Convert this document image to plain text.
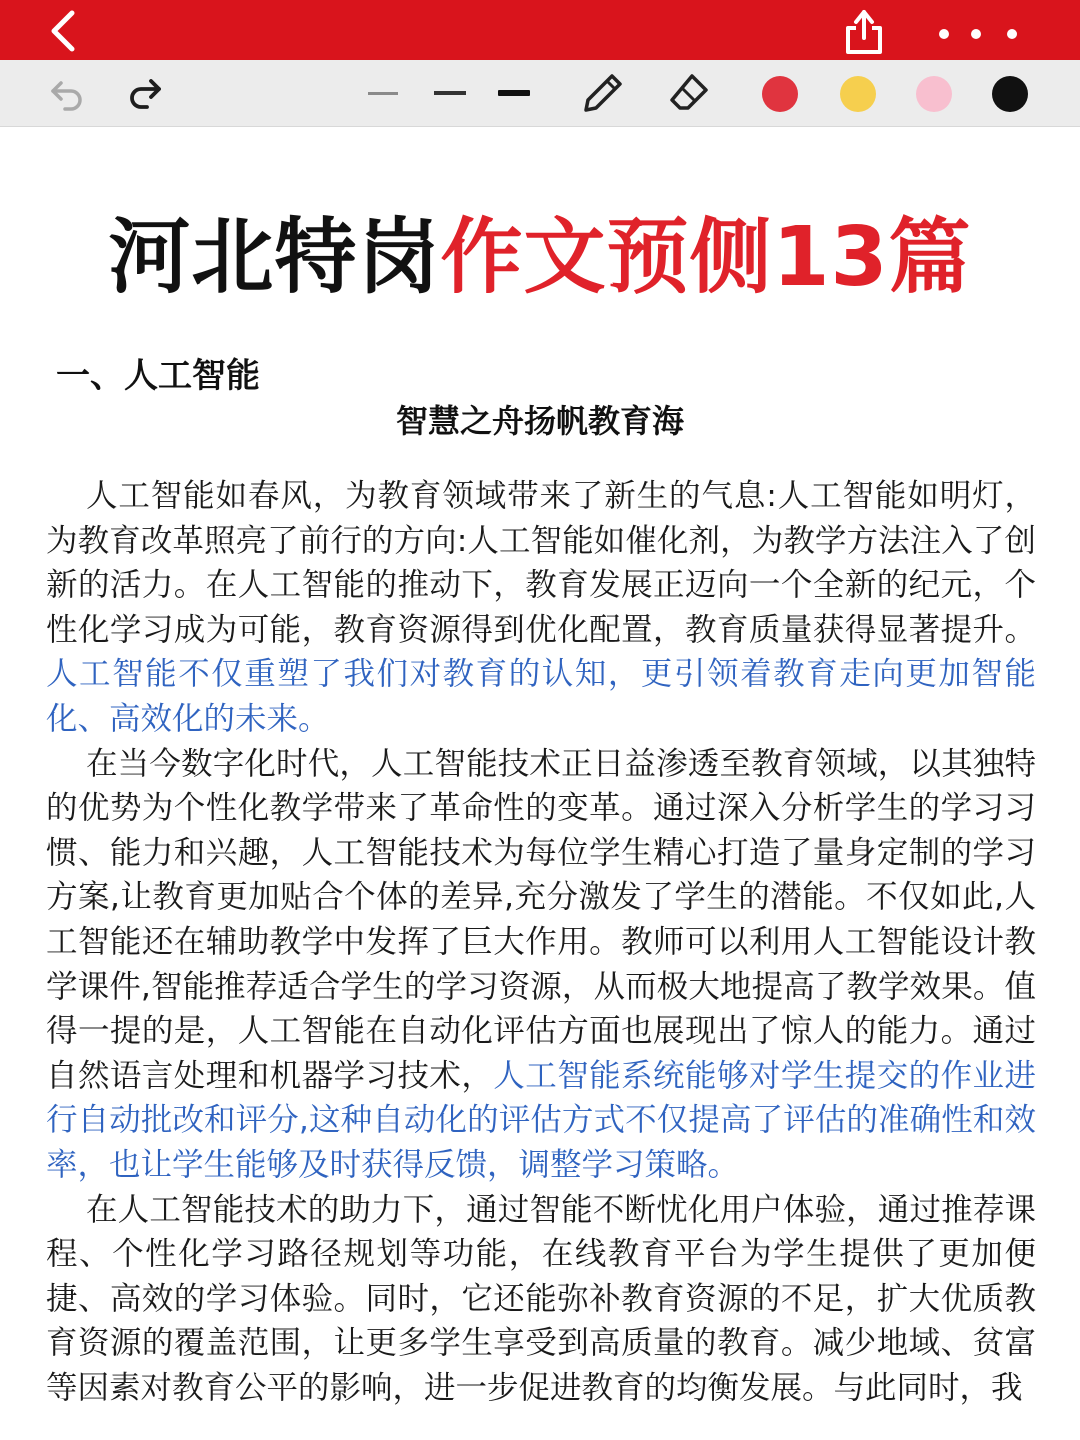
河北特岗作文预侧13篇
一、人工智能
智慧之舟扬帆教育海

人工智能如春风，为教育领域带来了新生的气息:人工智能如明灯，为教育改革照亮了前行的方向:人工智能如催化剂，为教学方法注入了创新的活力。在人工智能的推动下，教育发展正迈向一个全新的纪元，个性化学习成为可能，教育资源得到优化配置，教育质量获得显著提升。人工智能不仅重塑了我们对教育的认知，更引领着教育走向更加智能化、高效化的未来。

在当今数字化时代，人工智能技术正日益渗透至教育领域，以其独特的优势为个性化教学带来了革命性的变革。通过深入分析学生的学习习惯、能力和兴趣，人工智能技术为每位学生精心打造了量身定制的学习方案,让教育更加贴合个体的差异,充分激发了学生的潜能。不仅如此,人工智能还在辅助教学中发挥了巨大作用。教师可以利用人工智能设计教学课件,智能推荐适合学生的学习资源，从而极大地提高了教学效果。值得一提的是，人工智能在自动化评估方面也展现出了惊人的能力。通过自然语言处理和机器学习技术，人工智能系统能够对学生提交的作业进行自动批改和评分,这种自动化的评估方式不仅提高了评估的准确性和效率，也让学生能够及时获得反馈，调整学习策略。

在人工智能技术的助力下，通过智能不断忧化用户体验，通过推荐课程、个性化学习路径规划等功能，在线教育平台为学生提供了更加便捷、高效的学习体验。同时，它还能弥补教育资源的不足，扩大优质教育资源的覆盖范围，让更多学生享受到高质量的教育。减少地域、贫富等因素对教育公平的影响，进一步促进教育的均衡发展。与此同时，我
